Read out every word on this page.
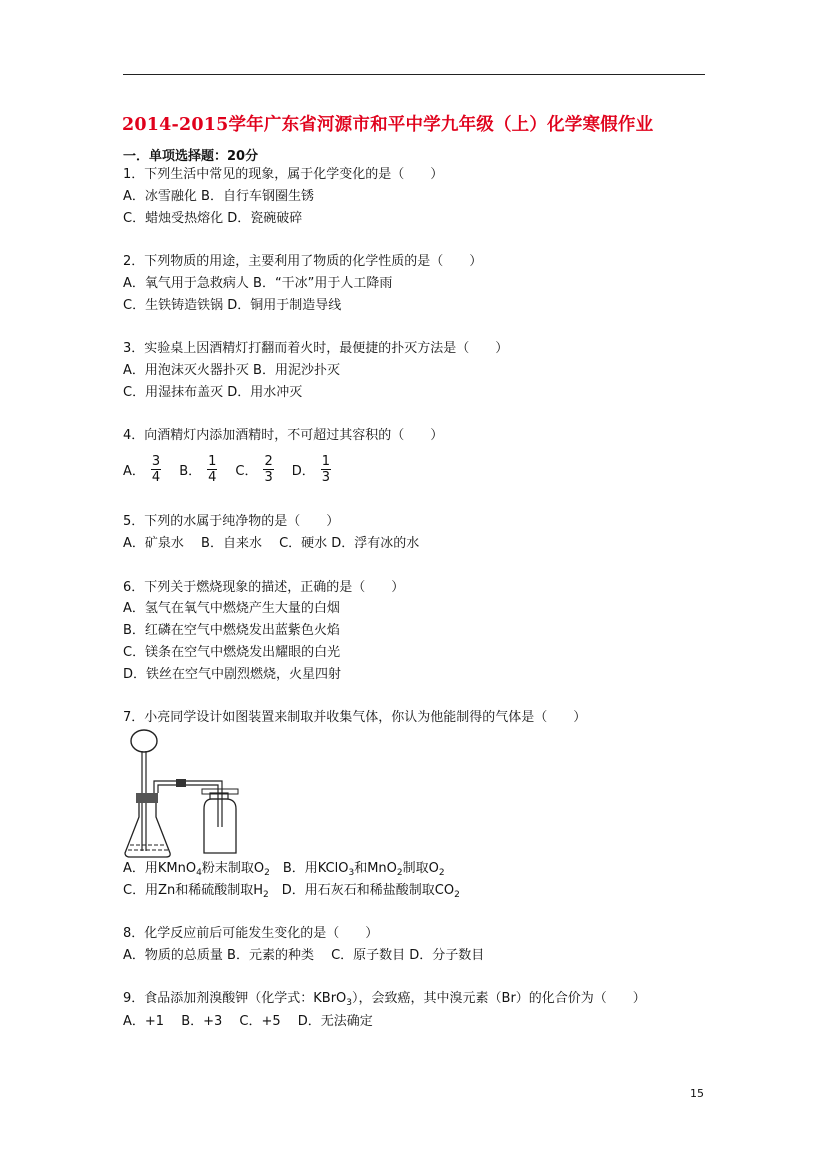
2014-2015学年广东省河源市和平中学九年级（上）化学寒假作业
一．单项选择题：20分
1．下列生活中常见的现象，属于化学变化的是（　　）
A．冰雪融化 B．自行车钢圈生锈
C．蜡烛受热熔化 D．瓷碗破碎
2．下列物质的用途，主要利用了物质的化学性质的是（　　）
A．氧气用于急救病人 B．“干冰”用于人工降雨
C．生铁铸造铁锅 D．铜用于制造导线
3．实验桌上因酒精灯打翻而着火时，最便捷的扑灭方法是（　　）
A．用泡沫灭火器扑灭 B．用泥沙扑灭
C．用湿抹布盖灭 D．用水冲灭
4．向酒精灯内添加酒精时，不可超过其容积的（　　）
A． $\frac{3}{4}$ B． $\frac{1}{4}$ C． $\frac{2}{3}$ D． $\frac{1}{3}$
5．下列的水属于纯净物的是（　　）
A．矿泉水　 B．自来水　 C．硬水 D．浮有冰的水
6．下列关于燃烧现象的描述，正确的是（　　）
A．氢气在氧气中燃烧产生大量的白烟
B．红磷在空气中燃烧发出蓝紫色火焰
C．镁条在空气中燃烧发出耀眼的白光
D．铁丝在空气中剧烈燃烧，火星四射
7．小亮同学设计如图装置来制取并收集气体，你认为他能制得的气体是（　　）
A．用KMnO$_4$粉末制取$O_2$　B．用KClO$_3$和MnO$_2$制取$O_2$
C．用Zn和稀硫酸制取$H_2$　D．用石灰石和稀盐酸制取$CO_2$
8．化学反应前后可能发生变化的是（　　）
A．物质的总质量 B．元素的种类　 C．原子数目 D．分子数目
9．食品添加剂溴酸钾（化学式：KBrO$_3$），会致癌，其中溴元素（Br）的化合价为（　　）
A．+1　 B．+3　 C．+5　 D．无法确定
15
